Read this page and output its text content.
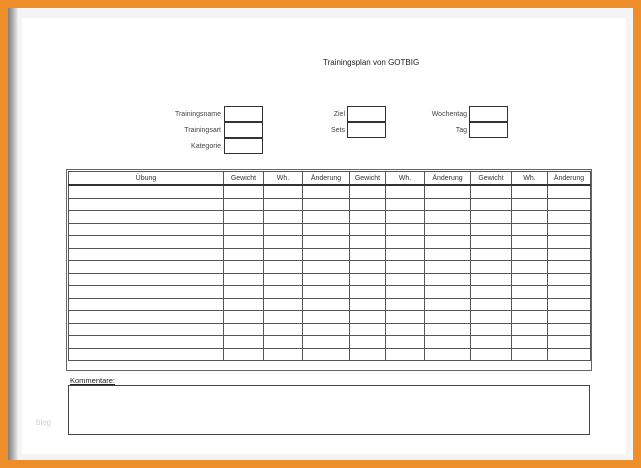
Trainingsplan von GOTBIG
Trainingsname
Trainingsart
Kategorie
Ziel
Sets
Wochentag
Tag
Übung	Gewicht	Wh.	Änderung	Gewicht	Wh.	Änderung	Gewicht	Wh.	Änderung

Kommentare:
blog
